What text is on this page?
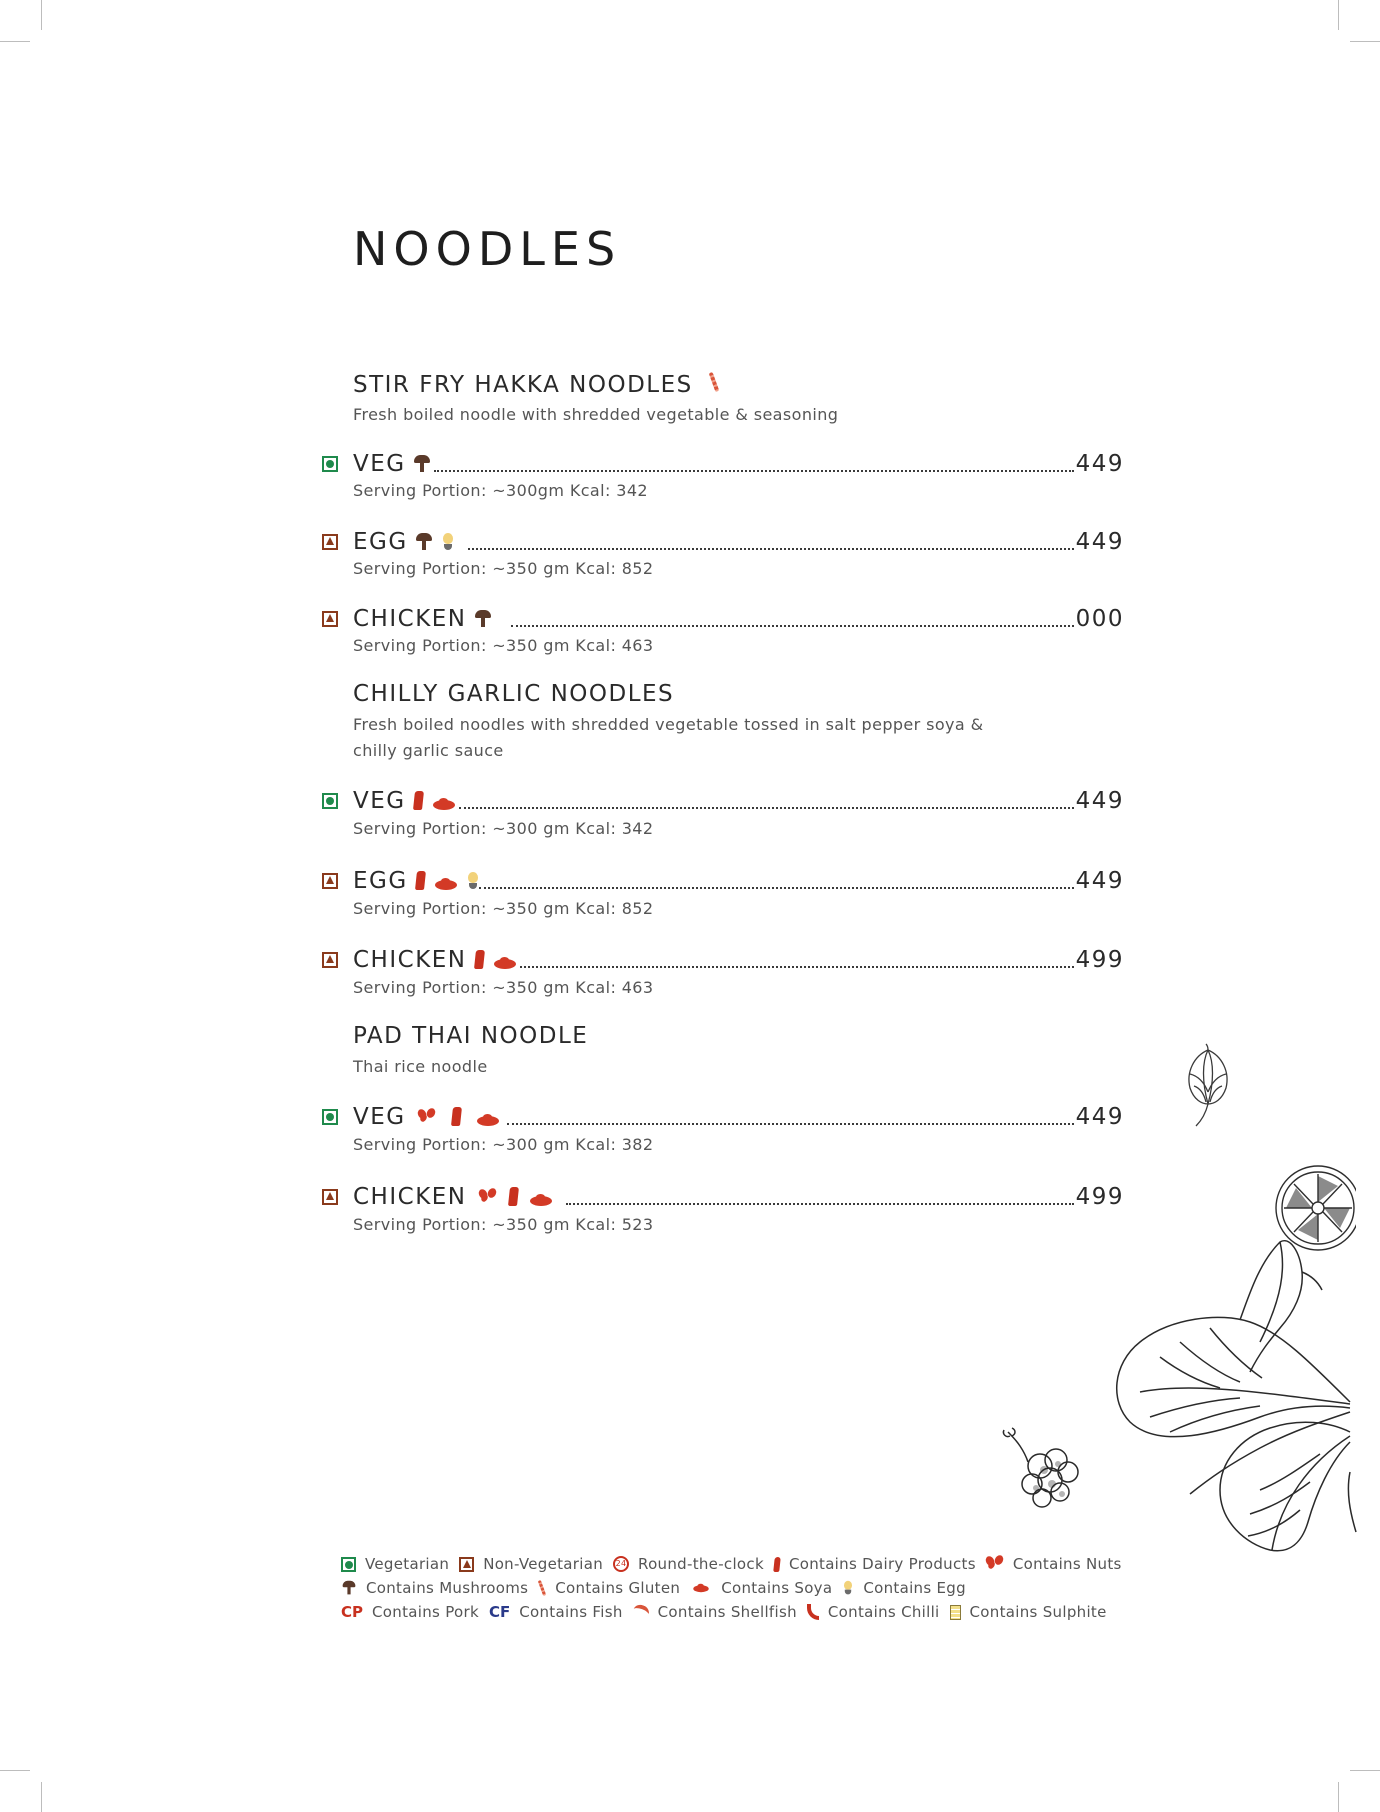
NOODLES
STIR FRY HAKKA NOODLES
Fresh boiled noodle with shredded vegetable & seasoning
VEG	449
Serving Portion: ~300gm Kcal: 342
EGG	449
Serving Portion: ~350 gm Kcal: 852
CHICKEN	000
Serving Portion: ~350 gm Kcal: 463
CHILLY GARLIC NOODLES
Fresh boiled noodles with shredded vegetable tossed in salt pepper soya & chilly garlic sauce
VEG	449
Serving Portion: ~300 gm Kcal: 342
EGG	449
Serving Portion: ~350 gm Kcal: 852
CHICKEN	499
Serving Portion: ~350 gm Kcal: 463
PAD THAI NOODLE
Thai rice noodle
VEG	449
Serving Portion: ~300 gm Kcal: 382
CHICKEN	499
Serving Portion: ~350 gm Kcal: 523
Vegetarian Non-Vegetarian	24 Round-the-clock Contains Dairy Products Contains Nuts
Contains Mushrooms Contains Gluten	Contains Soya Contains Egg
CP Contains Pork CF Contains Fish Contains Shellfish Contains Chilli Contains Sulphite
